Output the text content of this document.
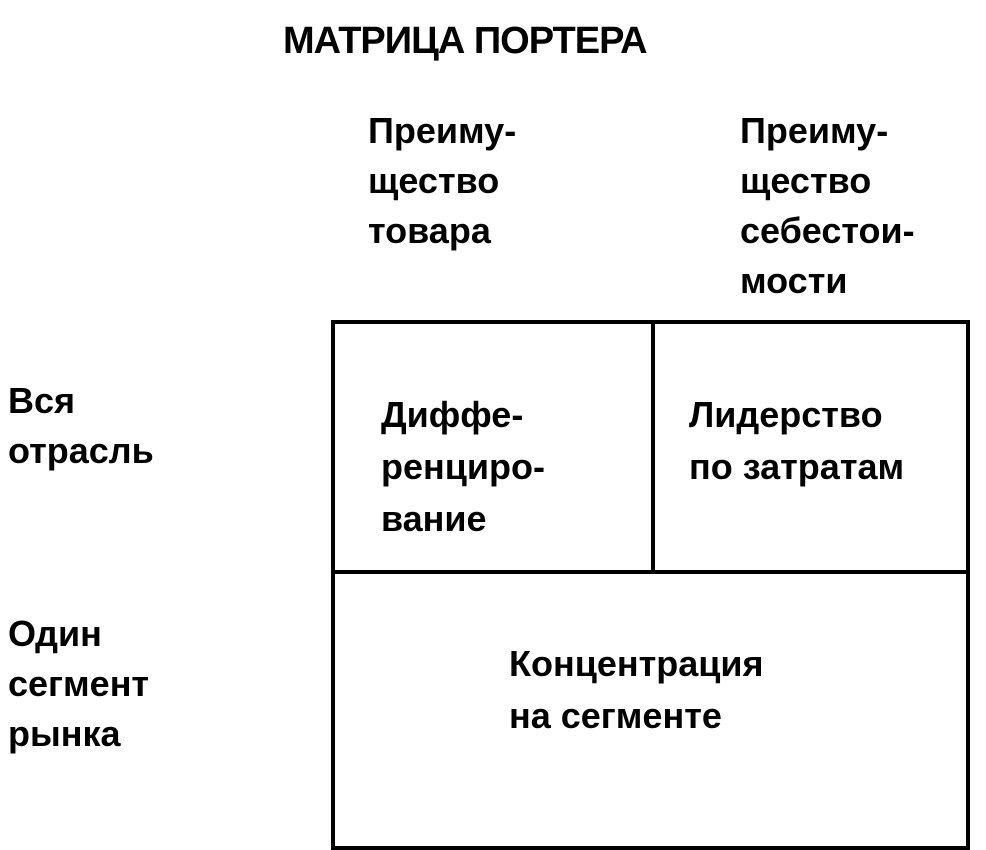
МАТРИЦА ПОРТЕРА
Преиму-
щество
товара
Преиму-
щество
себестои-
мости
Вся
отрасль
Один
сегмент
рынка
Диффе-
ренциро-
вание
Лидерство
по затратам
Концентрация
на сегменте
